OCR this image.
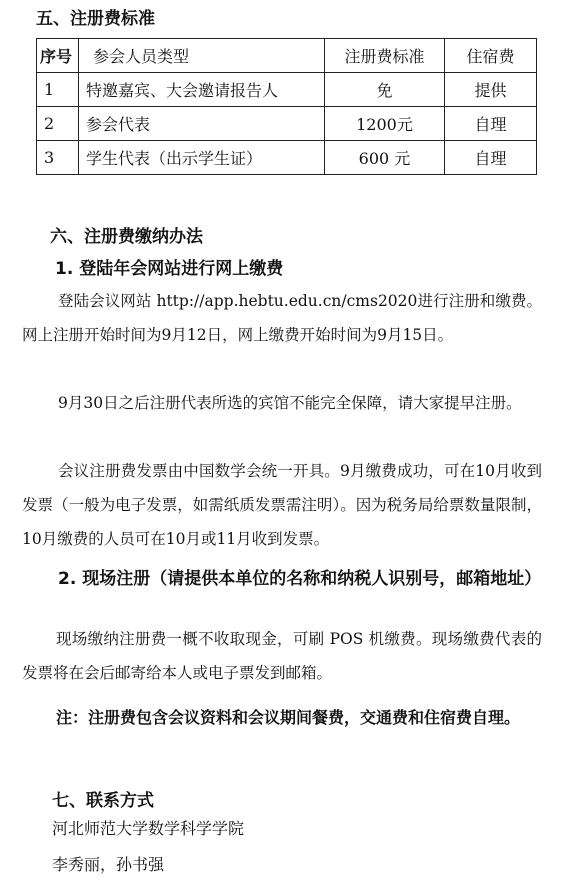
五、注册费标准
序号	参会人员类型	注册费标准	住宿费
1	特邀嘉宾、大会邀请报告人	免	提供
2	参会代表	1200元	自理
3	学生代表（出示学生证）	600 元	自理
六、注册费缴纳办法
1. 登陆年会网站进行网上缴费
登陆会议网站 http://app.hebtu.edu.cn/cms2020进行注册和缴费。网上注册开始时间为9月12日，网上缴费开始时间为9月15日。
9月30日之后注册代表所选的宾馆不能完全保障，请大家提早注册。
会议注册费发票由中国数学会统一开具。9月缴费成功，可在10月收到发票（一般为电子发票，如需纸质发票需注明）。因为税务局给票数量限制，10月缴费的人员可在10月或11月收到发票。
2. 现场注册（请提供本单位的名称和纳税人识别号，邮箱地址）
现场缴纳注册费一概不收取现金，可刷 POS 机缴费。现场缴费代表的发票将在会后邮寄给本人或电子票发到邮箱。
注：注册费包含会议资料和会议期间餐费，交通费和住宿费自理。
七、联系方式
河北师范大学数学科学学院
李秀丽，孙书强
